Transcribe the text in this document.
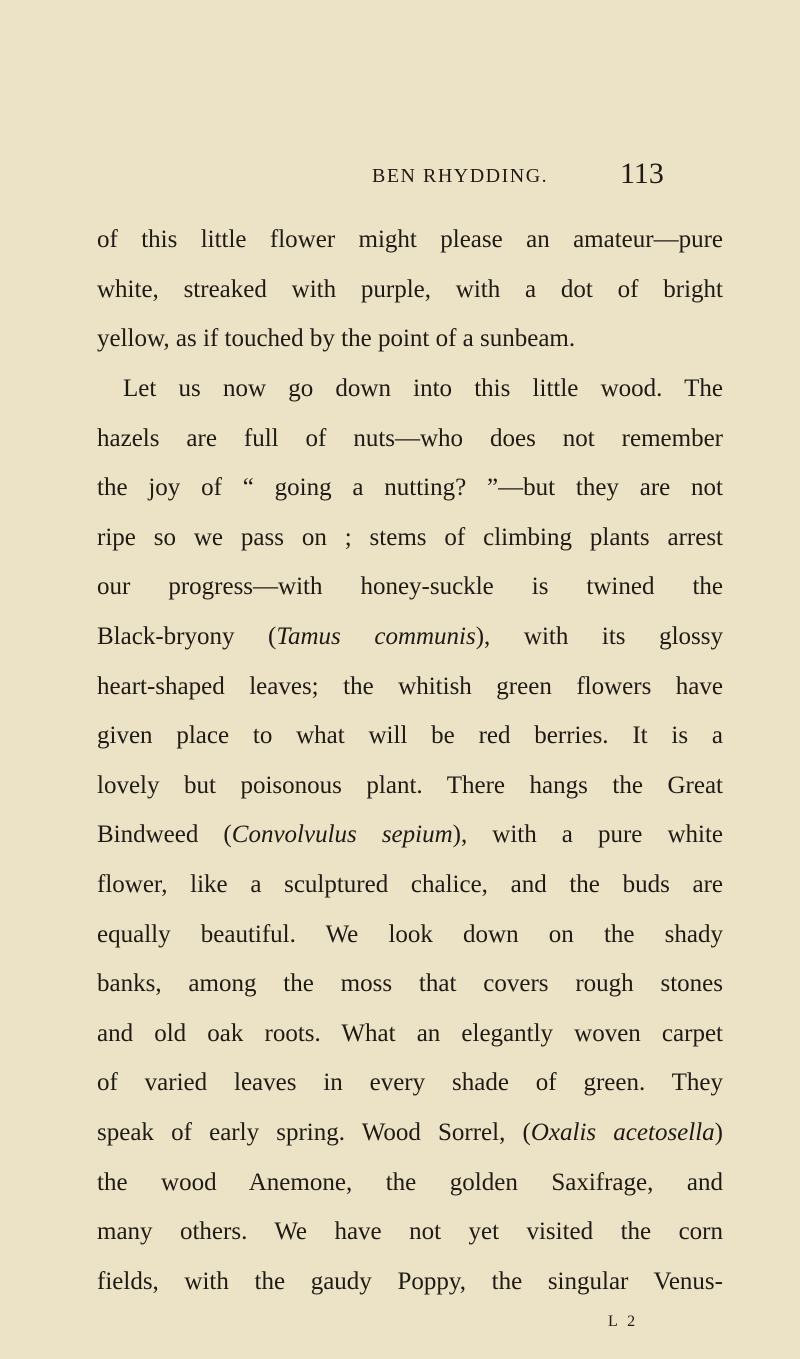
BEN RHYDDING. 113

of this little flower might please an amateur—pure
white, streaked with purple, with a dot of bright
yellow, as if touched by the point of a sunbeam.

Let us now go down into this little wood. The
hazels are full of nuts—who does not remember
the joy of “ going a nutting? ”—but they are not
ripe so we pass on ; stems of climbing plants arrest
our progress—with honey-suckle is twined the
Black-bryony (Tamus communis), with its glossy
heart-shaped leaves; the whitish green flowers have
given place to what will be red berries. It is a
lovely but poisonous plant. There hangs the Great
Bindweed (Convolvulus sepium), with a pure white
flower, like a sculptured chalice, and the buds are
equally beautiful. We look down on the shady
banks, among the moss that covers rough stones
and old oak roots. What an elegantly woven carpet
of varied leaves in every shade of green. They
speak of early spring. Wood Sorrel, (Oxalis acetosella)
the wood Anemone, the golden Saxifrage, and
many others. We have not yet visited the corn
fields, with the gaudy Poppy, the singular Venus-

L 2
